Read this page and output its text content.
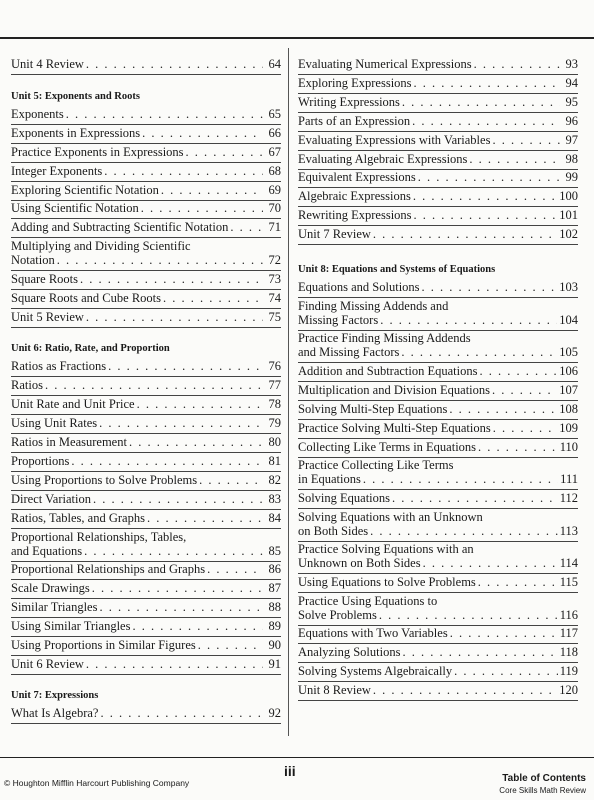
Unit 4 Review . . .	64
Unit 5: Exponents and Roots
Exponents . . .	65
Exponents in Expressions . . .	66
Practice Exponents in Expressions . . .	67
Integer Exponents . . .	68
Exploring Scientific Notation . . .	69
Using Scientific Notation . . .	70
Adding and Subtracting Scientific Notation . . .	71
Multiplying and Dividing Scientific
Notation . . .	72
Square Roots . . .	73
Square Roots and Cube Roots . . .	74
Unit 5 Review . . .	75
Unit 6: Ratio, Rate, and Proportion
Ratios as Fractions . . .	76
Ratios . . .	77
Unit Rate and Unit Price . . .	78
Using Unit Rates . . .	79
Ratios in Measurement . . .	80
Proportions . . .	81
Using Proportions to Solve Problems . . .	82
Direct Variation . . .	83
Ratios, Tables, and Graphs . . .	84
Proportional Relationships, Tables,
and Equations . . .	85
Proportional Relationships and Graphs . . .	86
Scale Drawings . . .	87
Similar Triangles . . .	88
Using Similar Triangles . . .	89
Using Proportions in Similar Figures . . .	90
Unit 6 Review . . .	91
Unit 7: Expressions
What Is Algebra? . . .	92
Evaluating Numerical Expressions . . .	93
Exploring Expressions . . .	94
Writing Expressions . . .	95
Parts of an Expression . . .	96
Evaluating Expressions with Variables . . .	97
Evaluating Algebraic Expressions . . .	98
Equivalent Expressions . . .	99
Algebraic Expressions . . .	100
Rewriting Expressions . . .	101
Unit 7 Review . . .	102
Unit 8: Equations and Systems of Equations
Equations and Solutions . . .	103
Finding Missing Addends and
Missing Factors . . .	104
Practice Finding Missing Addends
and Missing Factors . . .	105
Addition and Subtraction Equations . . .	106
Multiplication and Division Equations . . .	107
Solving Multi-Step Equations . . .	108
Practice Solving Multi-Step Equations . . .	109
Collecting Like Terms in Equations . . .	110
Practice Collecting Like Terms
in Equations . . .	111
Solving Equations . . .	112
Solving Equations with an Unknown
on Both Sides . . .	113
Practice Solving Equations with an
Unknown on Both Sides . . .	114
Using Equations to Solve Problems . . .	115
Practice Using Equations to
Solve Problems . . .	116
Equations with Two Variables . . .	117
Analyzing Solutions . . .	118
Solving Systems Algebraically . . .	119
Unit 8 Review . . .	120
© Houghton Mifflin Harcourt Publishing Company
iii	Table of Contents
Core Skills Math Review
